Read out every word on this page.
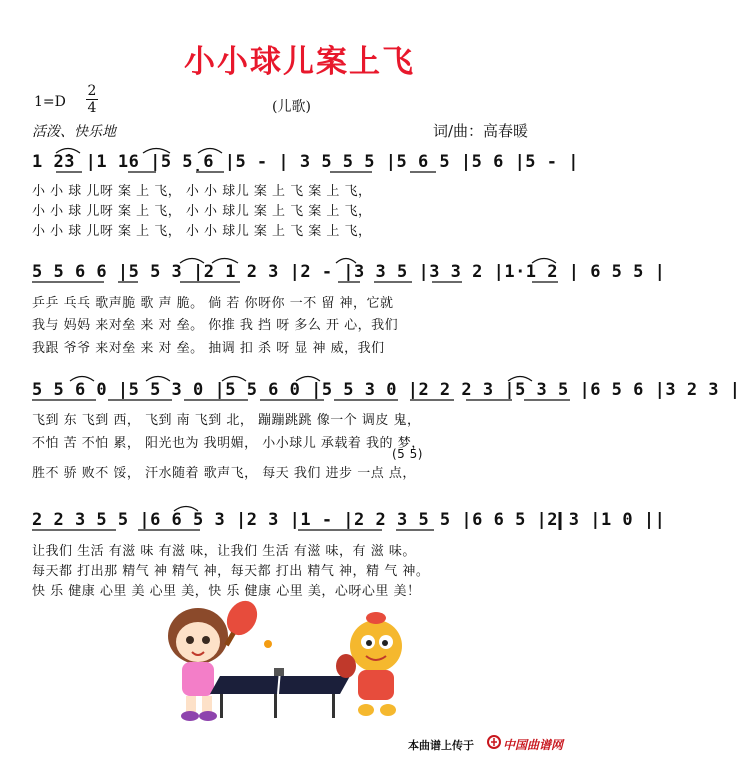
小小球儿案上飞
1=D
2
4	(儿歌)
活泼、快乐地	词/曲：高春暖
1 2̇3 |1 16 |5 5̣6 |5 - | 3 5 5 5 |5 6 5 |5 6 |5 - |
小 小 球 儿呀 案 上 飞， 小 小 球儿 案 上 飞 案 上 飞，
小 小 球 儿呀 案 上 飞， 小 小 球儿 案 上 飞 案 上 飞，
小 小 球 儿呀 案 上 飞， 小 小 球儿 案 上 飞 案 上 飞，
5 5 6 6 |5 5 3 |2 1 2 3 |2 - |3 3 5 |3 3 2 |1·1 2 | 6 5 5 |
乒乒 乓乓 歌声脆 歌 声 脆。 倘 若 你呀你 一不 留 神，它就
我与 妈妈 来对垒 来 对 垒。 你推 我 挡 呀 多么 开 心，我们
我跟 爷爷 来对垒 来 对 垒。 抽调 扣 杀 呀 显 神 威，我们
5 5 6 0 |5 5 3 0 |5 5 6 0 |5 5 3 0 |2 2 2 3 |5 3 5 |6 5 6 |3 2 3 |
飞到 东 飞到 西， 飞到 南 飞到 北， 蹦蹦跳跳 像一个 调皮 鬼，
不怕 苦 不怕 累， 阳光也为 我明媚， 小小球儿 承载着 我的 梦，
(5 5)
胜不 骄 败不 馁， 汗水随着 歌声飞， 每天 我们 进步 一点 点，
2 2 3 5 5 |6 6 5 3 |2 3 |1 - |2 2 3 5 5 |6 6 5 |2 3 |1 0 ||
让我们 生活 有滋 味 有滋 味，让我们 生活 有滋 味，有 滋 味。
每天都 打出那 精气 神 精气 神，每天都 打出 精气 神，精 气 神。
快 乐 健康 心里 美 心里 美，快 乐 健康 心里 美，心呀心里 美！
本曲谱上传于 中国曲谱网
